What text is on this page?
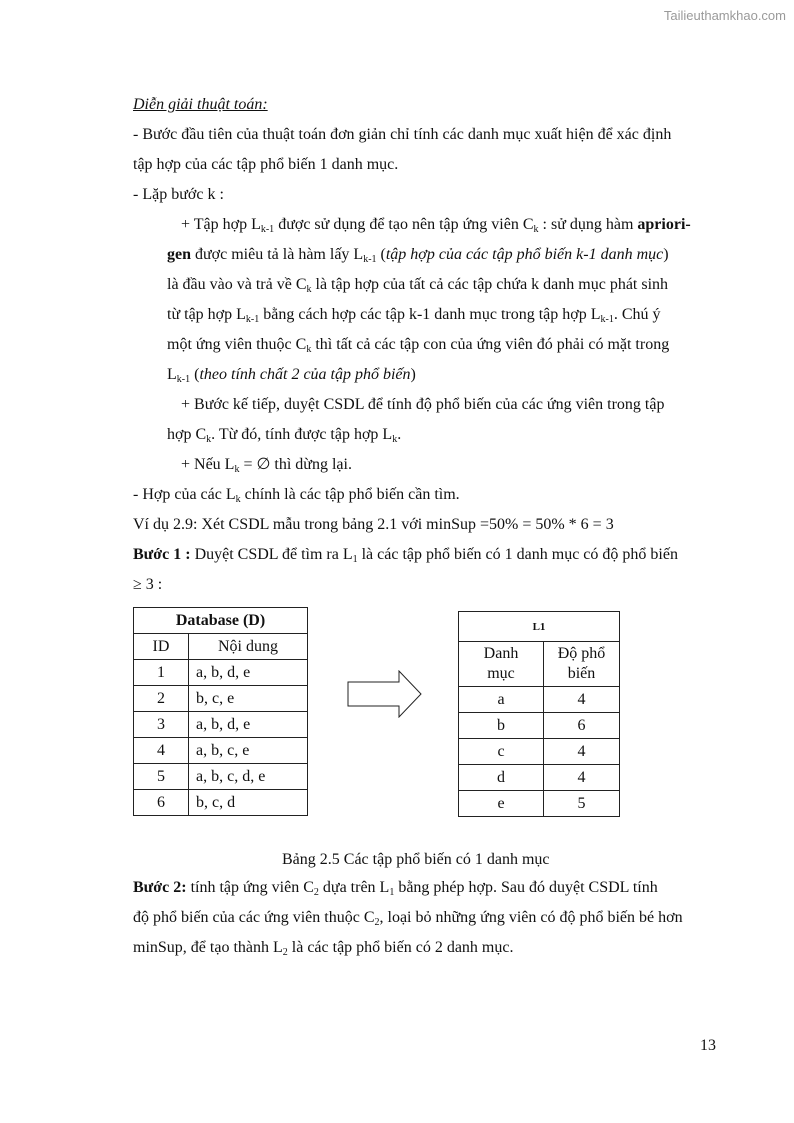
Tailieuthamkhao.com

Diễn giải thuật toán:

- Bước đầu tiên của thuật toán đơn giản chỉ tính các danh mục xuất hiện để xác định

tập hợp của các tập phổ biến 1 danh mục.

- Lặp bước k :

+ Tập hợp $L_{k-1}$ được sử dụng để tạo nên tập ứng viên $C_k$ : sử dụng hàm apriori-
gen được miêu tả là hàm lấy $L_{k-1}$ (tập hợp của các tập phổ biến k-1 danh mục)
là đầu vào và trả về $C_k$ là tập hợp của tất cả các tập chứa k danh mục phát sinh
từ tập hợp $L_{k-1}$ bằng cách hợp các tập k-1 danh mục trong tập hợp $L_{k-1}$. Chú ý
một ứng viên thuộc $C_k$ thì tất cả các tập con của ứng viên đó phải có mặt trong
$L_{k-1}$ (theo tính chất 2 của tập phổ biến)
+ Bước kế tiếp, duyệt CSDL để tính độ phổ biến của các ứng viên trong tập
hợp $C_k$. Từ đó, tính được tập hợp $L_k$.

+ Nếu $L_k$ = ∅ thì dừng lại.

- Hợp của các $L_k$ chính là các tập phổ biến cần tìm.

Ví dụ 2.9: Xét CSDL mẫu trong bảng 2.1 với minSup =50% = 50% * 6 = 3

Bước 1 : Duyệt CSDL để tìm ra $L_1$ là các tập phổ biến có 1 danh mục có độ phổ biến

≥ 3 :

Database (D)	
ID	Nội dung
1	a, b, d, e
2	b, c, e
3	a, b, d, e
4	a, b, c, e
5	a, b, c, d, e
6	b, c, d
L1	
Danh
mục	Độ phổ
biến
a	4
b	6
c	4
d	4
e	5

Bảng 2.5 Các tập phổ biến có 1 danh mục

Bước 2: tính tập ứng viên $C_2$ dựa trên $L_1$ bằng phép hợp. Sau đó duyệt CSDL tính
độ phổ biến của các ứng viên thuộc $C_2$, loại bỏ những ứng viên có độ phổ biến bé hơn
minSup, để tạo thành $L_2$ là các tập phổ biến có 2 danh mục.
13
